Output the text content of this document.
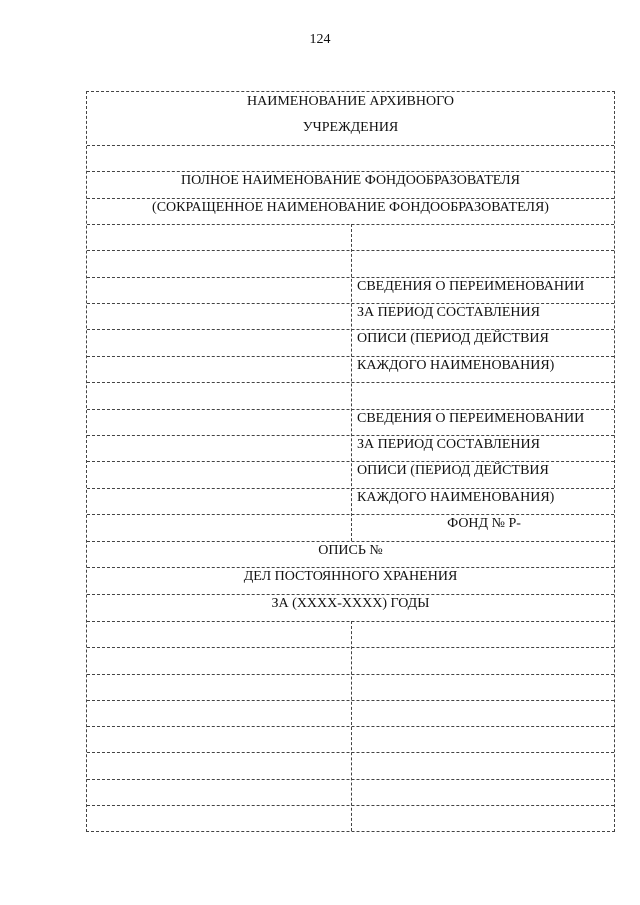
124
НАИМЕНОВАНИЕ АРХИВНОГО
УЧРЕЖДЕНИЯ
ПОЛНОЕ НАИМЕНОВАНИЕ ФОНДООБРАЗОВАТЕЛЯ
(СОКРАЩЕННОЕ НАИМЕНОВАНИЕ ФОНДООБРАЗОВАТЕЛЯ)
СВЕДЕНИЯ О ПЕРЕИМЕНОВАНИИ
ЗА ПЕРИОД СОСТАВЛЕНИЯ
ОПИСИ (ПЕРИОД ДЕЙСТВИЯ
КАЖДОГО НАИМЕНОВАНИЯ)
СВЕДЕНИЯ О ПЕРЕИМЕНОВАНИИ
ЗА ПЕРИОД СОСТАВЛЕНИЯ
ОПИСИ (ПЕРИОД ДЕЙСТВИЯ
КАЖДОГО НАИМЕНОВАНИЯ)
ФОНД № Р-
ОПИСЬ №
ДЕЛ ПОСТОЯННОГО ХРАНЕНИЯ
ЗА (ХХХХ-ХХХХ) ГОДЫ
